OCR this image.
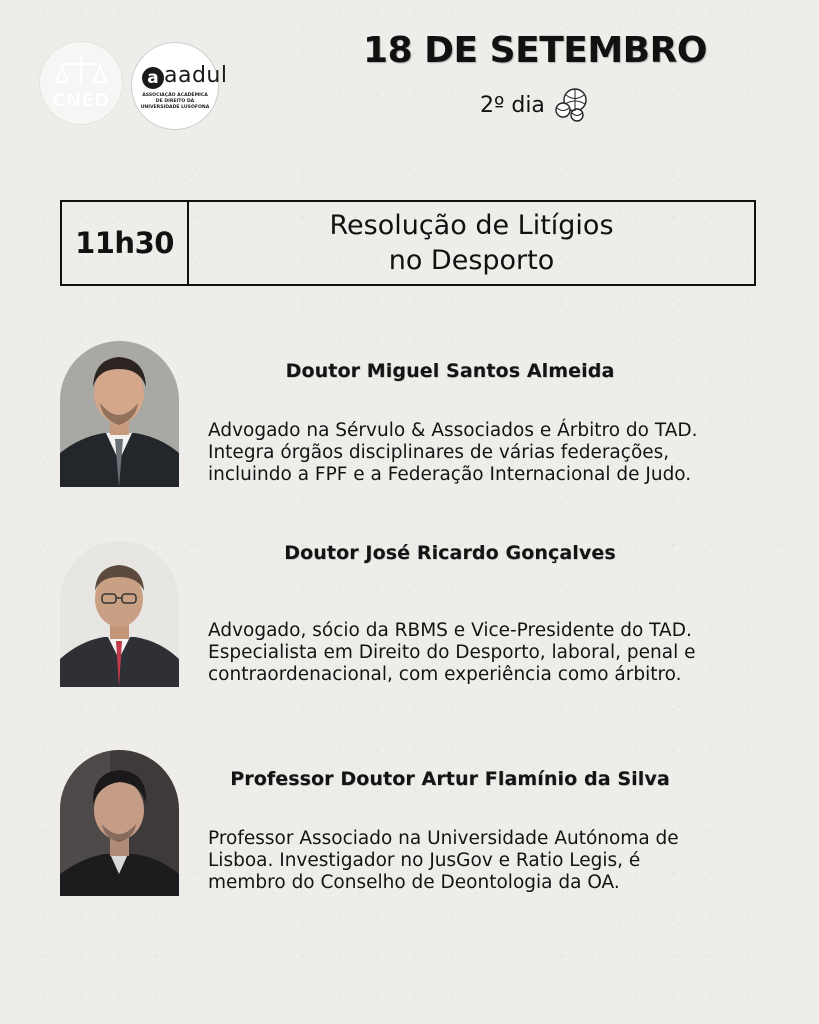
CNED
a aadul
ASSOCIAÇÃO ACADÉMICA DE DIREITO DA UNIVERSIDADE LUSÓFONA
18 DE SETEMBRO
2º dia
11h30
Resolução de Litígios no Desporto
Doutor Miguel Santos Almeida
Advogado na Sérvulo & Associados e Árbitro do TAD.
Integra órgãos disciplinares de várias federações,
incluindo a FPF e a Federação Internacional de Judo.
Doutor José Ricardo Gonçalves
Advogado, sócio da RBMS e Vice-Presidente do TAD.
Especialista em Direito do Desporto, laboral, penal e
contraordenacional, com experiência como árbitro.
Professor Doutor Artur Flamínio da Silva
Professor Associado na Universidade Autónoma de
Lisboa. Investigador no JusGov e Ratio Legis, é
membro do Conselho de Deontologia da OA.
